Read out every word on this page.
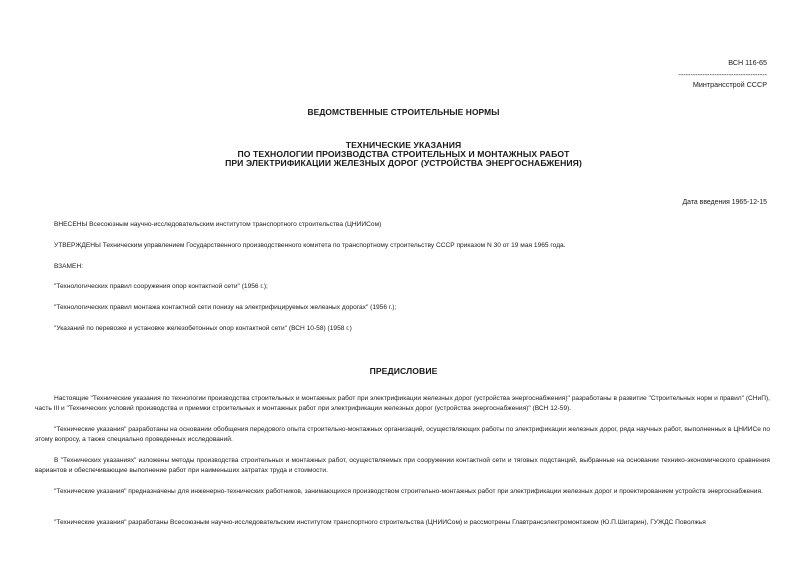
ВСН 116-65
-------------------------------------
Минтрансстрой СССР
ВЕДОМСТВЕННЫЕ СТРОИТЕЛЬНЫЕ НОРМЫ
ТЕХНИЧЕСКИЕ УКАЗАНИЯ
ПО ТЕХНОЛОГИИ ПРОИЗВОДСТВА СТРОИТЕЛЬНЫХ И МОНТАЖНЫХ РАБОТ
ПРИ ЭЛЕКТРИФИКАЦИИ ЖЕЛЕЗНЫХ ДОРОГ (УСТРОЙСТВА ЭНЕРГОСНАБЖЕНИЯ)
Дата введения 1965-12-15
ВНЕСЕНЫ Всесоюзным научно-исследовательским институтом транспортного строительства (ЦНИИСом)
УТВЕРЖДЕНЫ Техническим управлением Государственного производственного комитета по транспортному строительству СССР приказом N 30 от 19 мая 1965 года.
ВЗАМЕН:
"Технологических правил сооружения опор контактной сети" (1956 г.);
"Технологических правил монтажа контактной сети понизу на электрифицируемых железных дорогах" (1956 г.);
"Указаний по перевозке и установке железобетонных опор контактной сети" (ВСН 10-58) (1958 г.)
ПРЕДИСЛОВИЕ
Настоящие "Технические указания по технологии производства строительных и монтажных работ при электрификации железных дорог (устройства энергоснабжения)" разработаны в развитие "Строительных норм и правил" (СНиП), часть III и "Технических условий производства и приемки строительных и монтажных работ при электрификации железных дорог (устройства энергоснабжения)" (ВСН 12-59).
"Технические указания" разработаны на основании обобщения передового опыта строительно-монтажных организаций, осуществляющих работы по электрификации железных дорог, ряда научных работ, выполненных в ЦНИИСе по этому вопросу, а также специально проведенных исследований.
В "Технических указаниях" изложены методы производства строительных и монтажных работ, осуществляемых при сооружении контактной сети и тяговых подстанций, выбранные на основании технико-экономического сравнения вариантов и обеспечивающие выполнение работ при наименьших затратах труда и стоимости.
"Технические указания" предназначены для инженерно-технических работников, занимающихся производством строительно-монтажных работ при электрификации железных дорог и проектированием устройств энергоснабжения.
"Технические указания" разработаны Всесоюзным научно-исследовательским институтом транспортного строительства (ЦНИИСом) и рассмотрены Главтрансэлектромонтажом (Ю.П.Шигарин), ГУЖДС Поволжья
